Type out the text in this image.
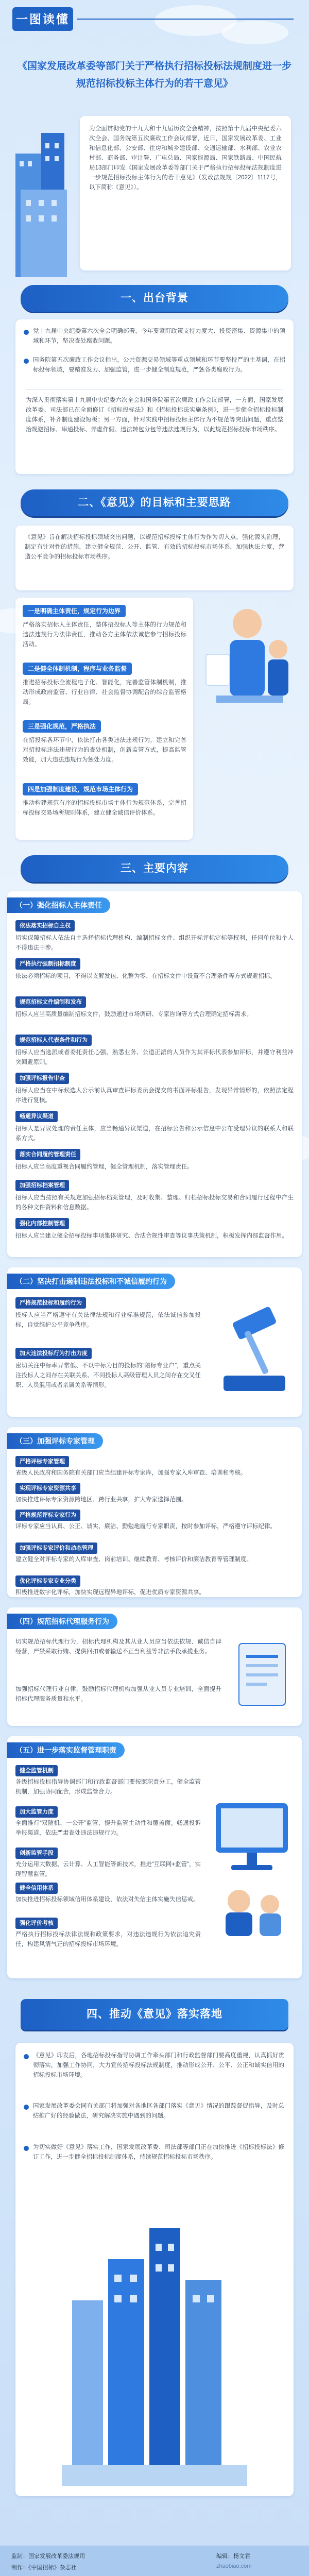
一图读懂
《国家发展改革委等部门关于严格执行招标投标法规制度进一步规范招标投标主体行为的若干意见》

为全面贯彻党的十九大和十九届历次全会精神，按照第十九届中央纪委六次全会、国务院第五次廉政工作会议部署，近日，国家发展改革委、工业和信息化部、公安部、住房和城乡建设部、交通运输部、水利部、农业农村部、商务部、审计署、广电总局、国家能源局、国家铁路局、中国民航局13部门印发《国家发展改革委等部门关于严格执行招标投标法规制度进一步规范招标投标主体行为的若干意见》（发改法规规〔2022〕1117号，以下简称《意见》）。

一、出台背景

党十九届中央纪委第六次全会明确部署，今年要紧盯政策支持力度大、投资密集、资源集中的领域和环节，坚决查处腐败问题。

国务院第五次廉政工作会议指出，公共资源交易领域等重点领域和环节要坚持严的主基调，在招标投标领域，要精准发力、加强监管，进一步健全制度规范，严惩各类腐败行为。

为深入贯彻落实第十九届中央纪委六次全会和国务院第五次廉政工作会议部署，一方面，国家发展改革委、司法部已在全面修订《招标投标法》和《招标投标法实施条例》，进一步健全招标投标制度体系，补齐制度建设短板；另一方面，针对实践中招标投标主体行为不规范等突出问题，重点整治规避招标、串通投标、弄虚作假、违法转包分包等违法违规行为，以此规范招标投标市场秩序。

二、《意见》的目标和主要思路

《意见》旨在解决招标投标领域突出问题，以规范招标投标主体行为作为切入点，强化源头治理，制定有针对性的措施，建立健全规范、公开、监管、有效的招标投标市场体系，加强执法力度，营造公平竞争的招标投标市场秩序。

一是明确主体责任，规定行为边界

严格落实招标人主体责任，整体招投标人等主体的行为规范和违法违规行为法律责任，推动各方主体依法诚信参与招标投标活动。

二是健全体制机制，程序与业务监督

推进招标投标全流程电子化、智能化，完善监管体制机制，推动形成政府监管、行业自律、社会监督协调配合的综合监管格局。

三是强化规范，严格执法

在招投标各环节中，依法打击各类违法违规行为，建立和完善对招投标违法违规行为的查处机制，创新监管方式，提高监管效能，加大违法违规行为惩处力度。

四是加强制度建设，规范市场主体行为

推动构建规范有序的招标投标市场主体行为规范体系，完善招标投标交易场所规则体系，建立健全诚信评价体系。

三、主要内容
（一）强化招标人主体责任
依法落实招标自主权

切实保障招标人依法自主选择招标代理机构、编制招标文件、组织开标评标定标等权利，任何单位和个人不得违法干涉。

严格执行强制招标制度

依法必须招标的项目，不得以支解发包、化整为零、在招标文件中设置不合理条件等方式规避招标。

规范招标文件编制和发布

招标人应当高质量编制招标文件，鼓励通过市场调研、专家咨询等方式合理确定招标需求。

规范招标人代表条件和行为

招标人应当选派或者委托责任心强、熟悉业务、公道正派的人员作为其评标代表参加评标，并遵守利益冲突回避原则。

加强评标报告审查

招标人应当在中标候选人公示前认真审查评标委员会提交的书面评标报告，发现异常情形的，依照法定程序进行复核。

畅通异议渠道

招标人是异议处理的责任主体，应当畅通异议渠道，在招标公告和公示信息中公布受理异议的联系人和联系方式。

落实合同履约管理责任

招标人应当高度重视合同履约管理，健全管理机制，落实管理责任。

加强招标档案管理

招标人应当按照有关规定加强招标档案管理，及时收集、整理、归档招标投标交易和合同履行过程中产生的各种文件资料和信息数据。

强化内部控制管理

招标人应当建立健全招标投标事项集体研究、合法合规性审查等议事决策机制，积极发挥内部监督作用。

（二）坚决打击遏制违法投标和不诚信履约行为
严格规范投标和履约行为

投标人应当严格遵守有关法律法规和行业标准规范，依法诚信参加投标，自觉维护公平竞争秩序。

加大违法投标行为打击力度

密切关注中标率异常低、不以中标为目的投标的“陪标专业户”，重点关注投标人之间存在关联关系、不同投标人高级管理人员之间存在交叉任职、人员混用或者亲属关系等情形。

（三）加强评标专家管理
严格评标专家管理

省级人民政府和国务院有关部门应当组建评标专家库，加强专家入库审查、培训和考核。

实现评标专家资源共享

加快推进评标专家资源跨地区、跨行业共享，扩大专家选择范围。

严格规范评标专家行为

评标专家应当认真、公正、诚实、廉洁、勤勉地履行专家职责，按时参加评标，严格遵守评标纪律。

加强评标专家评价和动态管理

建立健全对评标专家的入库审查、岗前培训、继续教育、考核评价和廉洁教育等管理制度。

优化评标专家专业分类

积极推进数字化评标，加快实现远程异地评标，促进优质专家资源共享。

（四）规范招标代理服务行为

切实规范招标代理行为，招标代理机构及其从业人员应当依法依规、诚信自律经营，严禁采取行贿、提供回扣或者输送不正当利益等非法手段承揽业务。

加强招标代理行业自律，鼓励招标代理机构加强从业人员专业培训，全面提升招标代理服务质量和水平。

（五）进一步落实监督管理职责
健全监管机制

各级招标投标指导协调部门和行政监督部门要按照职责分工，健全监管机制，加强协同配合，形成监管合力。

加大监管力度

全面推行“双随机、一公开”监管，提升监管主动性和覆盖面。畅通投诉举报渠道，依法严肃查处违法违规行为。

创新监管手段

充分运用大数据、云计算、人工智能等新技术，推进“互联网+监管”，实现智慧监管。

健全信用体系

加快推进招标投标领域信用体系建设，依法对失信主体实施失信惩戒。

强化评价考核

严格执行招标投标法律法规和政策要求，对违法违规行为依法追究责任，构建风清气正的招标投标市场环境。

四、推动《意见》落实落地

《意见》印发后，各地招标投标指导协调工作牵头部门和行政监督部门要高度重视，认真抓好贯彻落实，加强工作协同，大力宣传招标投标法规制度，推动形成公开、公平、公正和诚实信用的招标投标市场环境。

国家发展改革委会同有关部门将加强对各地区各部门落实《意见》情况的跟踪督促指导，及时总结推广好的经验做法，研究解决实施中遇到的问题。

为切实做好《意见》落实工作，国家发展改革委、司法部等部门正在加快推进《招标投标法》修订工作，进一步健全招标投标制度体系，持续规范招标投标市场秩序。

监制：国家发展改革委法规司
制作：《中国招标》杂志社
编辑：杨文君
zhaobiao.com
